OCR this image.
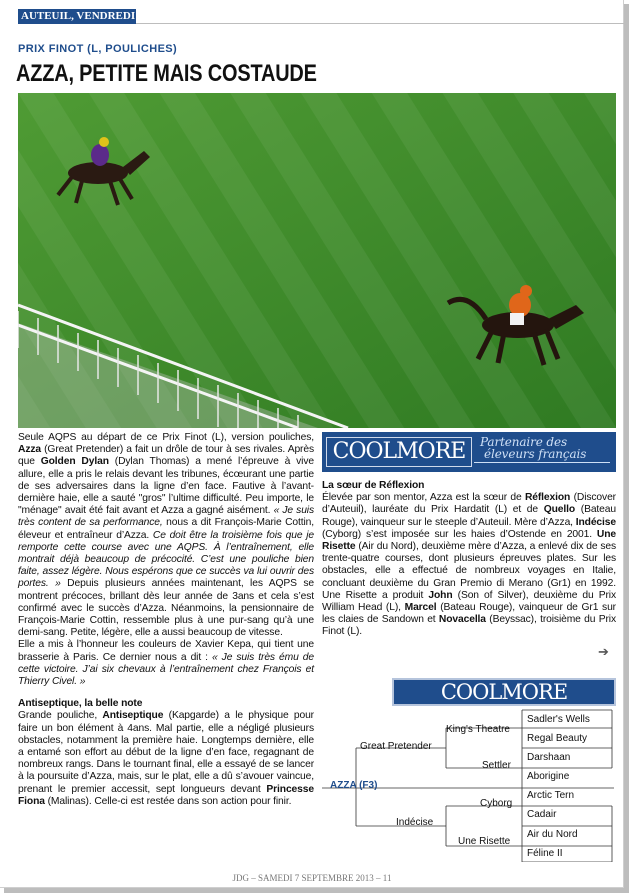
AUTEUIL, VENDREDI
PRIX FINOT (L, POULICHES)
AZZA, PETITE MAIS COSTAUDE

Seule AQPS au départ de ce Prix Finot (L), version pouliches, Azza (Great Pretender) a fait un drôle de tour à ses rivales. Après que Golden Dylan (Dylan Thomas) a mené l’épreuve à vive allure, elle a pris le relais devant les tribunes, écœurant une partie de ses adversaires dans la ligne d’en face. Fautive à l’avant-dernière haie, elle a sauté "gros" l’ultime difficulté. Peu importe, le "ménage" avait été fait avant et Azza a gagné aisément. « Je suis très content de sa performance, nous a dit François-Marie Cottin, éleveur et entraîneur d’Azza. Ce doit être la troisième fois que je remporte cette course avec une AQPS. À l’entraînement, elle montrait déjà beaucoup de précocité. C’est une pouliche bien faite, assez légère. Nous espérons que ce succès va lui ouvrir des portes. » Depuis plusieurs années maintenant, les AQPS se montrent précoces, brillant dès leur année de 3ans et cela s’est confirmé avec le succès d’Azza. Néanmoins, la pensionnaire de François-Marie Cottin, ressemble plus à une pur-sang qu’à une demi-sang. Petite, légère, elle a aussi beaucoup de vitesse.

Elle a mis à l’honneur les couleurs de Xavier Kepa, qui tient une brasserie à Paris. Ce dernier nous a dit : « Je suis très ému de cette victoire. J’ai six chevaux à l’entraînement chez François et Thierry Civel. »

Antiseptique, la belle note

Grande pouliche, Antiseptique (Kapgarde) a le physique pour faire un bon élément à 4ans. Mal partie, elle a négligé plusieurs obstacles, notamment la première haie. Longtemps dernière, elle a entamé son effort au début de la ligne d’en face, regagnant de nombreux rangs. Dans le tournant final, elle a essayé de se lancer à la poursuite d’Azza, mais, sur le plat, elle a dû s’avouer vaincue, prenant le premier accessit, sept longueurs devant Princesse Fiona (Malinas). Celle-ci est restée dans son action pour finir.

COOLMORE	Partenaire des
éleveurs français

La sœur de Réflexion

Élevée par son mentor, Azza est la sœur de Réflexion (Discover d’Auteuil), lauréate du Prix Hardatit (L) et de Quello (Bateau Rouge), vainqueur sur le steeple d’Auteuil. Mère d’Azza, Indécise (Cyborg) s’est imposée sur les haies d’Ostende en 2001. Une Risette (Air du Nord), deuxième mère d’Azza, a enlevé dix de ses trente-quatre courses, dont plusieurs épreuves plates. Sur les obstacles, elle a effectué de nombreux voyages en Italie, concluant deuxième du Gran Premio di Merano (Gr1) en 1992. Une Risette a produit John (Son of Silver), deuxième du Prix William Head (L), Marcel (Bateau Rouge), vainqueur de Gr1 sur les claies de Sandown et Novacella (Beyssac), troisième du Prix Finot (L).

➔
COOLMORE
AZZA (F3)
Great Pretender
Indécise
King's Theatre
Settler
Cyborg
Une Risette
Sadler's Wells
Regal Beauty
Darshaan
Aborigine
Arctic Tern
Cadair
Air du Nord
Féline II
JDG – SAMEDI 7 SEPTEMBRE 2013 – 11
